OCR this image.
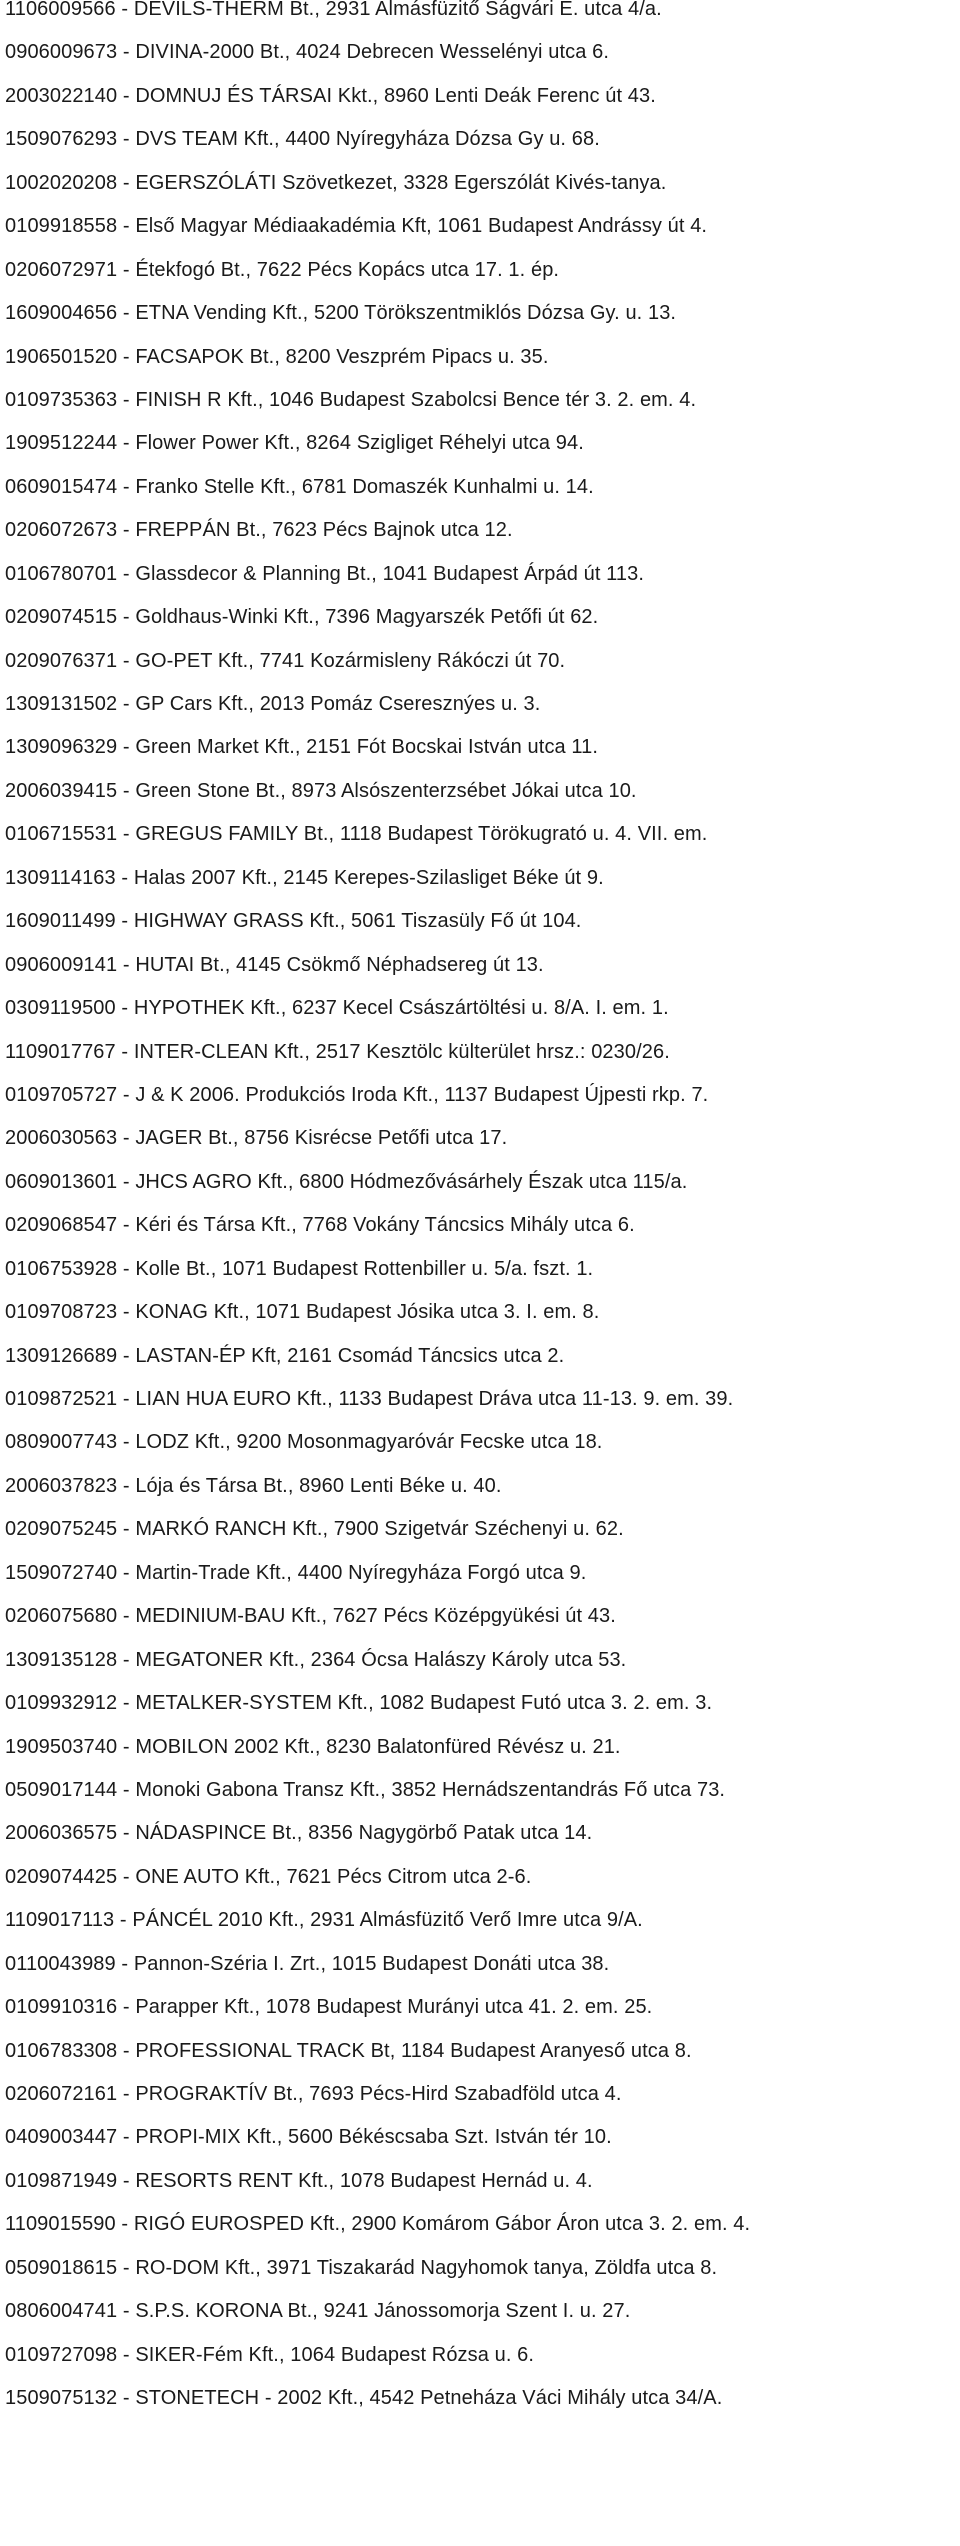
1106009566 - DEVILS-THERM Bt., 2931 Almásfüzitő Ságvári E. utca 4/a.
0906009673 - DIVINA-2000 Bt., 4024 Debrecen Wesselényi utca 6.
2003022140 - DOMNUJ ÉS TÁRSAI Kkt., 8960 Lenti Deák Ferenc út 43.
1509076293 - DVS TEAM Kft., 4400 Nyíregyháza Dózsa Gy u. 68.
1002020208 - EGERSZÓLÁTI Szövetkezet, 3328 Egerszólát Kivés-tanya.
0109918558 - Első Magyar Médiaakadémia Kft, 1061 Budapest Andrássy út 4.
0206072971 - Étekfogó Bt., 7622 Pécs Kopács utca 17. 1. ép.
1609004656 - ETNA Vending Kft., 5200 Törökszentmiklós Dózsa Gy. u. 13.
1906501520 - FACSAPOK Bt., 8200 Veszprém Pipacs u. 35.
0109735363 - FINISH R Kft., 1046 Budapest Szabolcsi Bence tér 3. 2. em. 4.
1909512244 - Flower Power Kft., 8264 Szigliget Réhelyi utca 94.
0609015474 - Franko Stelle Kft., 6781 Domaszék Kunhalmi u. 14.
0206072673 - FREPPÁN Bt., 7623 Pécs Bajnok utca 12.
0106780701 - Glassdecor & Planning Bt., 1041 Budapest Árpád út 113.
0209074515 - Goldhaus-Winki Kft., 7396 Magyarszék Petőfi út 62.
0209076371 - GO-PET Kft., 7741 Kozármisleny Rákóczi út 70.
1309131502 - GP Cars Kft., 2013 Pomáz Cseresznýes u. 3.
1309096329 - Green Market Kft., 2151 Fót Bocskai István utca 11.
2006039415 - Green Stone Bt., 8973 Alsószenterzsébet Jókai utca 10.
0106715531 - GREGUS FAMILY Bt., 1118 Budapest Törökugrató u. 4. VII. em.
1309114163 - Halas 2007 Kft., 2145 Kerepes-Szilasliget Béke út 9.
1609011499 - HIGHWAY GRASS Kft., 5061 Tiszasüly Fő út 104.
0906009141 - HUTAI Bt., 4145 Csökmő Néphadsereg út 13.
0309119500 - HYPOTHEK Kft., 6237 Kecel Császártöltési u. 8/A. I. em. 1.
1109017767 - INTER-CLEAN Kft., 2517 Kesztölc külterület hrsz.: 0230/26.
0109705727 - J & K 2006. Produkciós Iroda Kft., 1137 Budapest Újpesti rkp. 7.
2006030563 - JAGER Bt., 8756 Kisrécse Petőfi utca 17.
0609013601 - JHCS AGRO Kft., 6800 Hódmezővásárhely Észak utca 115/a.
0209068547 - Kéri és Társa Kft., 7768 Vokány Táncsics Mihály utca 6.
0106753928 - Kolle Bt., 1071 Budapest Rottenbiller u. 5/a. fszt. 1.
0109708723 - KONAG Kft., 1071 Budapest Jósika utca 3. I. em. 8.
1309126689 - LASTAN-ÉP Kft, 2161 Csomád Táncsics utca 2.
0109872521 - LIAN HUA EURO Kft., 1133 Budapest Dráva utca 11-13. 9. em. 39.
0809007743 - LODZ Kft., 9200 Mosonmagyaróvár Fecske utca 18.
2006037823 - Lója és Társa Bt., 8960 Lenti Béke u. 40.
0209075245 - MARKÓ RANCH Kft., 7900 Szigetvár Széchenyi u. 62.
1509072740 - Martin-Trade Kft., 4400 Nyíregyháza Forgó utca 9.
0206075680 - MEDINIUM-BAU Kft., 7627 Pécs Középgyükési út 43.
1309135128 - MEGATONER Kft., 2364 Ócsa Halászy Károly utca 53.
0109932912 - METALKER-SYSTEM Kft., 1082 Budapest Futó utca 3. 2. em. 3.
1909503740 - MOBILON 2002 Kft., 8230 Balatonfüred Révész u. 21.
0509017144 - Monoki Gabona Transz Kft., 3852 Hernádszentandrás Fő utca 73.
2006036575 - NÁDASPINCE Bt., 8356 Nagygörbő Patak utca 14.
0209074425 - ONE AUTO Kft., 7621 Pécs Citrom utca 2-6.
1109017113 - PÁNCÉL 2010 Kft., 2931 Almásfüzitő Verő Imre utca 9/A.
0110043989 - Pannon-Széria I. Zrt., 1015 Budapest Donáti utca 38.
0109910316 - Parapper Kft., 1078 Budapest Murányi utca 41. 2. em. 25.
0106783308 - PROFESSIONAL TRACK Bt, 1184 Budapest Aranyeső utca 8.
0206072161 - PROGRAKTÍV Bt., 7693 Pécs-Hird Szabadföld utca 4.
0409003447 - PROPI-MIX Kft., 5600 Békéscsaba Szt. István tér 10.
0109871949 - RESORTS RENT Kft., 1078 Budapest Hernád u. 4.
1109015590 - RIGÓ EUROSPED Kft., 2900 Komárom Gábor Áron utca 3. 2. em. 4.
0509018615 - RO-DOM Kft., 3971 Tiszakarád Nagyhomok tanya, Zöldfa utca 8.
0806004741 - S.P.S. KORONA Bt., 9241 Jánossomorja Szent I. u. 27.
0109727098 - SIKER-Fém Kft., 1064 Budapest Rózsa u. 6.
1509075132 - STONETECH - 2002 Kft., 4542 Petneháza Váci Mihály utca 34/A.
